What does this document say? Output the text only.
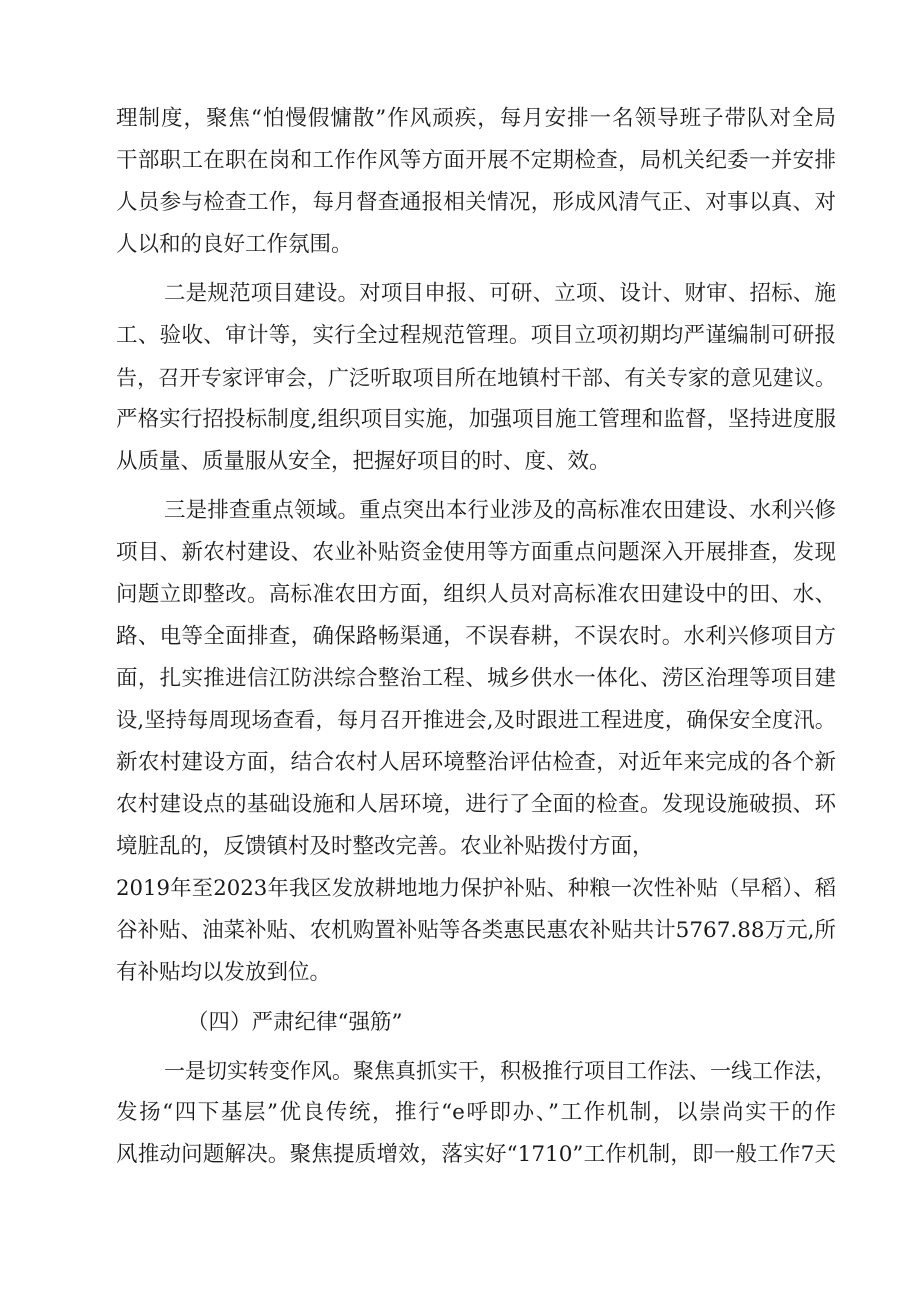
理制度，聚焦“怕慢假慵散”作风顽疾，每月安排一名领导班子带队对全局
干部职工在职在岗和工作作风等方面开展不定期检查，局机关纪委一并安排
人员参与检查工作，每月督查通报相关情况，形成风清气正、对事以真、对
人以和的良好工作氛围。
二是规范项目建设。对项目申报、可研、立项、设计、财审、招标、施
工、验收、审计等，实行全过程规范管理。项目立项初期均严谨编制可研报
告，召开专家评审会，广泛听取项目所在地镇村干部、有关专家的意见建议。
严格实行招投标制度,组织项目实施，加强项目施工管理和监督，坚持进度服
从质量、质量服从安全，把握好项目的时、度、效。
三是排查重点领域。重点突出本行业涉及的高标准农田建设、水利兴修
项目、新农村建设、农业补贴资金使用等方面重点问题深入开展排查，发现
问题立即整改。高标准农田方面，组织人员对高标准农田建设中的田、水、
路、电等全面排查，确保路畅渠通，不误春耕，不误农时。水利兴修项目方
面，扎实推进信江防洪综合整治工程、城乡供水一体化、涝区治理等项目建
设,坚持每周现场查看，每月召开推进会,及时跟进工程进度，确保安全度汛。
新农村建设方面，结合农村人居环境整治评估检查，对近年来完成的各个新
农村建设点的基础设施和人居环境，进行了全面的检查。发现设施破损、环
境脏乱的，反馈镇村及时整改完善。农业补贴拨付方面，
2019年至2023年我区发放耕地地力保护补贴、种粮一次性补贴（早稻）、稻
谷补贴、油菜补贴、农机购置补贴等各类惠民惠农补贴共计5767.88万元,所
有补贴均以发放到位。
（四）严肃纪律“强筋”
一是切实转变作风。聚焦真抓实干，积极推行项目工作法、一线工作法，
发扬“四下基层”优良传统，推行“e呼即办、”工作机制，以崇尚实干的作
风推动问题解决。聚焦提质增效，落实好“1710”工作机制，即一般工作7天
